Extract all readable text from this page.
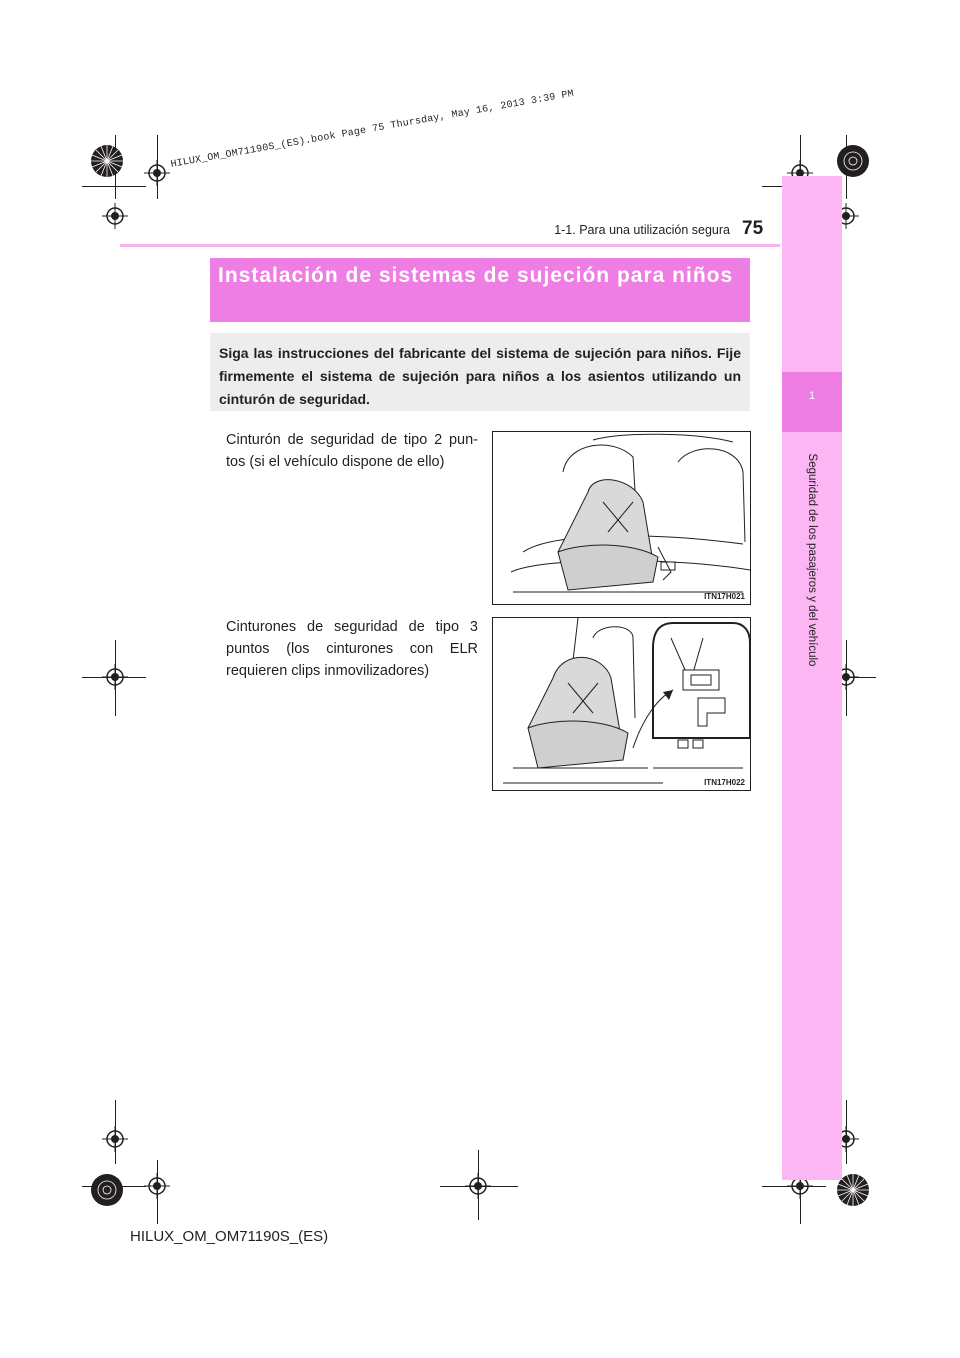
HILUX_OM_OM71190S_(ES).book Page 75 Thursday, May 16, 2013 3:39 PM
1
Seguridad de los pasajeros y del vehículo
1-1. Para una utilización segura 75
Instalación de sistemas de sujeción para niños
Siga las instrucciones del fabricante del sistema de sujeción para niños. Fije firmemente el sistema de sujeción para niños a los asientos utilizando un cinturón de seguridad.
Cinturón de seguridad de tipo 2 pun- tos (si el vehículo dispone de ello)
ITN17H021
Cinturones de seguridad de tipo 3 puntos (los cinturones con ELR requieren clips inmovilizadores)
ITN17H022
HILUX_OM_OM71190S_(ES)
